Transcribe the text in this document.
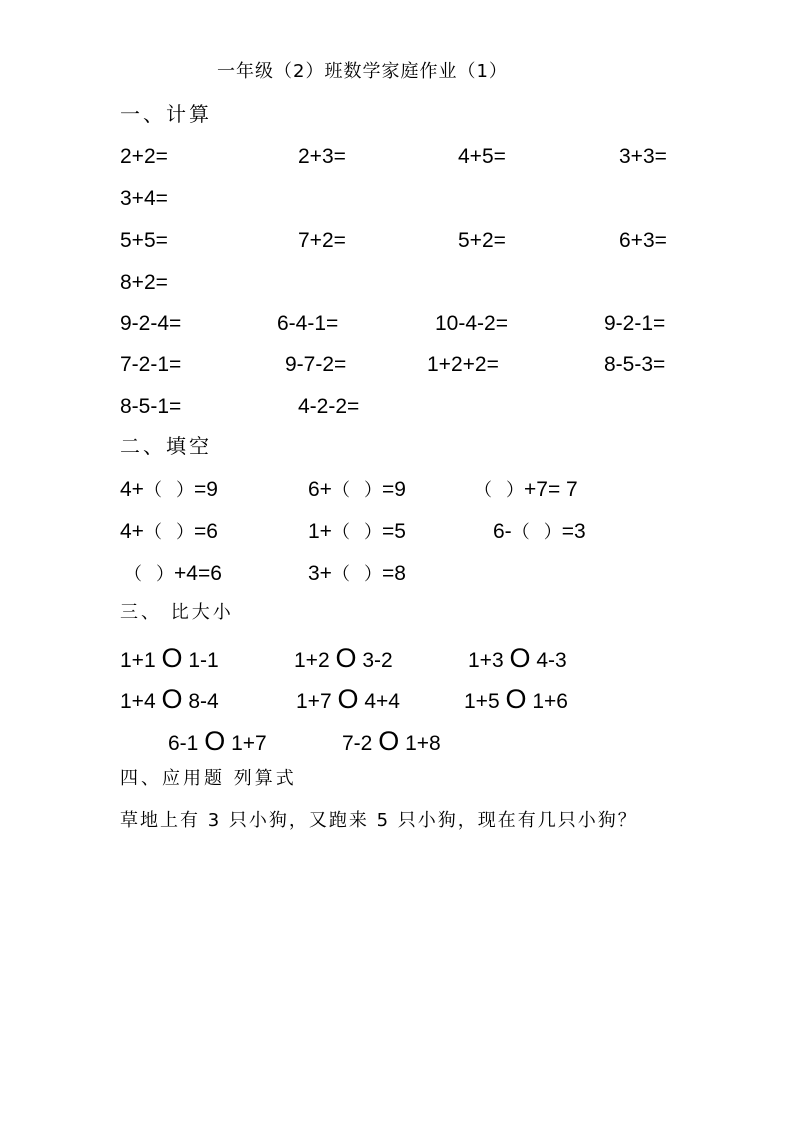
一年级（2）班数学家庭作业（1）
一、计算
2+2=	2+3=	4+5=	3+3=
3+4=
5+5=	7+2=	5+2=	6+3=
8+2=
9-2-4=	6-4-1=	10-4-2=	9-2-1=
7-2-1=	9-7-2=	1+2+2=	8-5-3=
8-5-1=	4-2-2=
二、填空
4+（ ）=9	6+（ ）=9	（ ）+7= 7
4+（ ）=6	1+（ ）=5	6-（ ）=3
（ ）+4=6	3+（ ）=8
三、 比大小
1+1 O 1-1	1+2 O 3-2	1+3 O 4-3
1+4 O 8-4	1+7 O 4+4	1+5 O 1+6
6-1 O 1+7	7-2 O 1+8
四、应用题 列算式
草地上有 3 只小狗，又跑来 5 只小狗，现在有几只小狗？
